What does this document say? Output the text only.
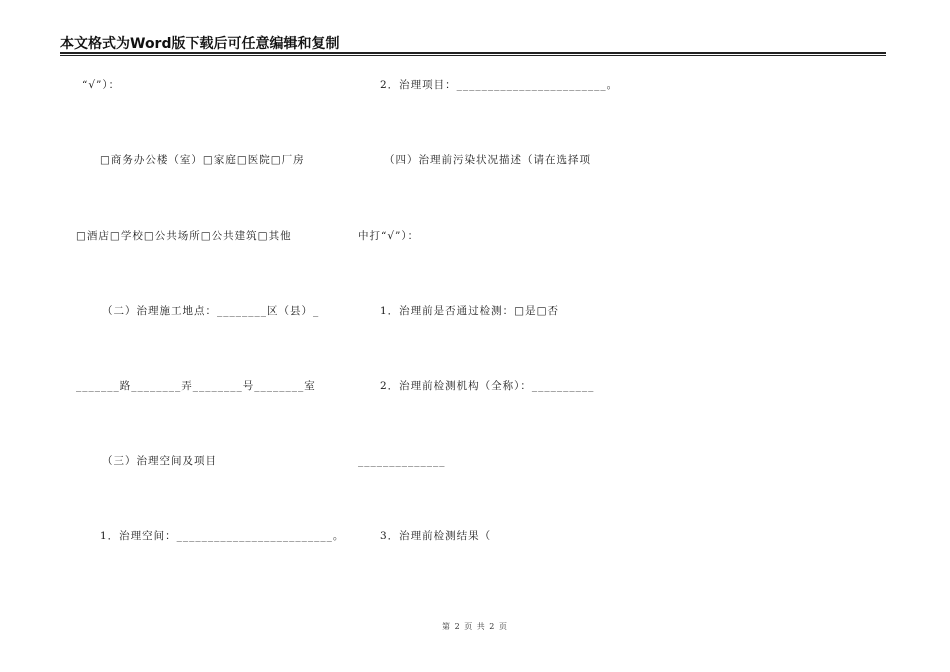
本文格式为Word版下载后可任意编辑和复制
“√”）：
□商务办公楼（室）□家庭□医院□厂房
□酒店□学校□公共场所□公共建筑□其他
（二）治理施工地点：________区（县）_
_______路________弄________号________室
（三）治理空间及项目
1．治理空间：_________________________。
2．治理项目：________________________。
（四）治理前污染状况描述（请在选择项
中打“√”）：
1．治理前是否通过检测：□是□否
2．治理前检测机构（全称）：__________
______________
3．治理前检测结果（
第 2 页 共 2 页
